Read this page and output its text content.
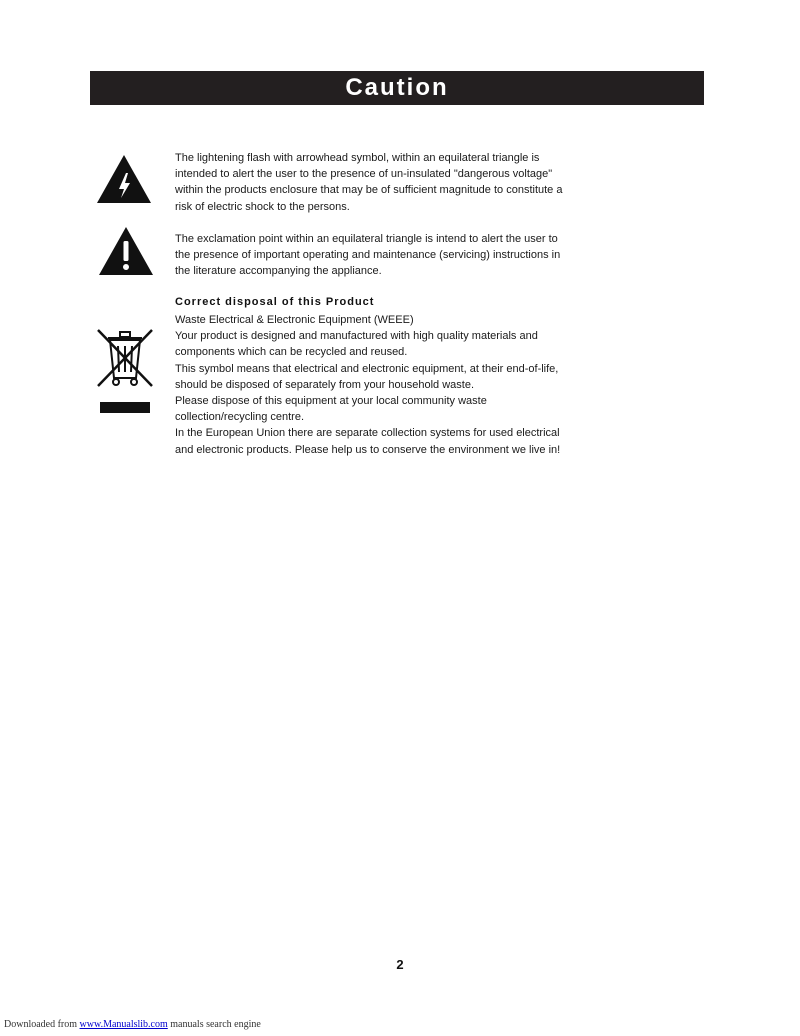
Caution
The lightening flash with arrowhead symbol, within an equilateral triangle is
intended to alert the user to the presence of un-insulated "dangerous voltage"
within the products enclosure that may be of sufficient magnitude to constitute a
risk of electric shock to the persons.
The exclamation point within an equilateral triangle is intend to alert the user to
the presence of important operating and maintenance (servicing) instructions in
the literature accompanying the appliance.
Correct disposal of this Product
Waste Electrical & Electronic Equipment (WEEE)
Your product is designed and manufactured with high quality materials and
components which can be recycled and reused.
This symbol means that electrical and electronic equipment, at their end-of-life,
should be disposed of separately from your household waste.
Please dispose of this equipment at your local community waste
collection/recycling centre.
In the European Union there are separate collection systems for used electrical
and electronic products. Please help us to conserve the environment we live in!
2
Downloaded from www.Manualslib.com manuals search engine
